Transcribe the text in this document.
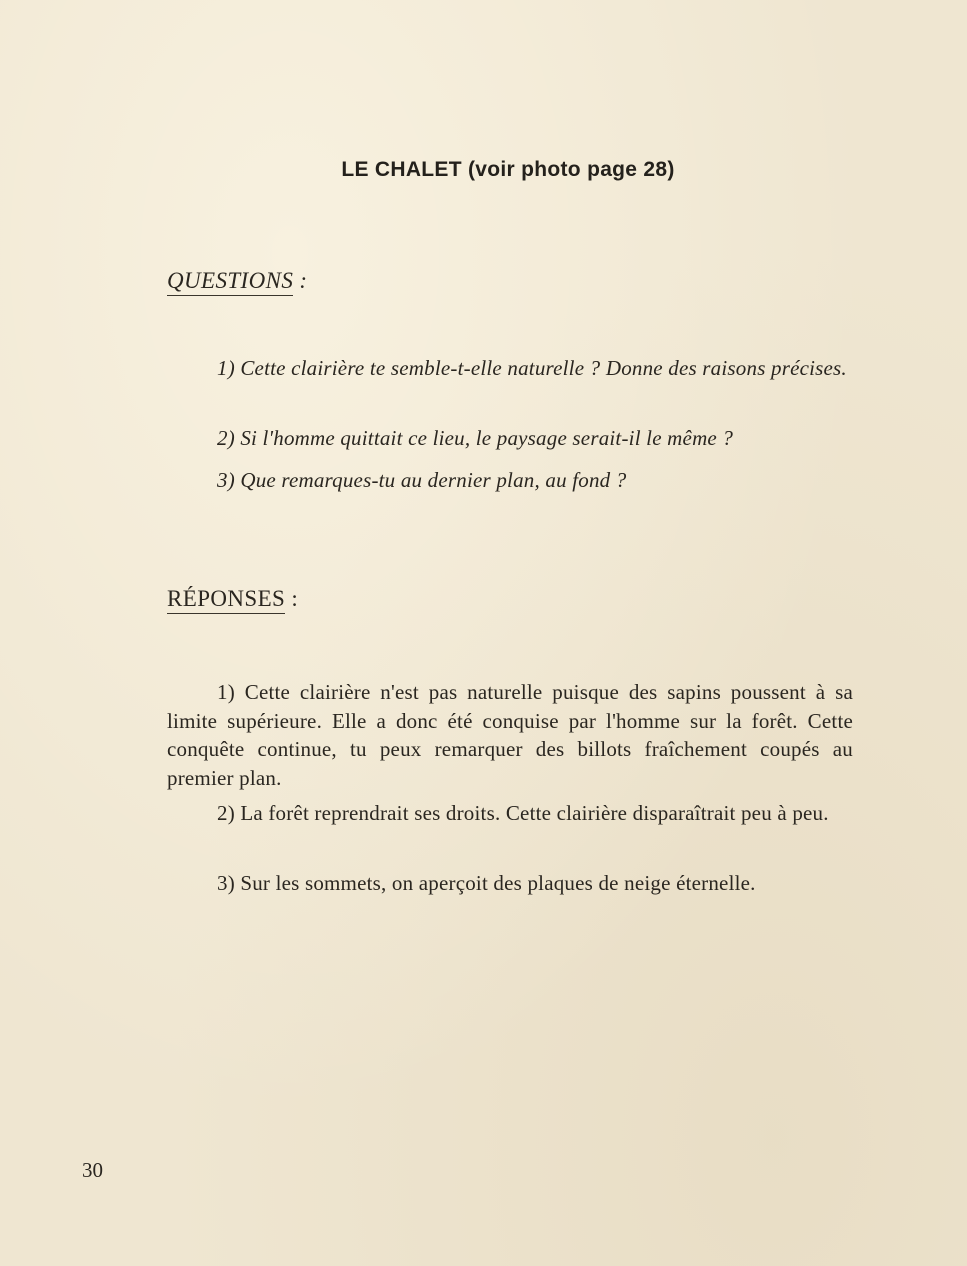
LE CHALET (voir photo page 28)
QUESTIONS :

1) Cette clairière te semble-t-elle naturelle ? Donne des raisons précises.

2) Si l'homme quittait ce lieu, le paysage serait-il le même ?

3) Que remarques-tu au dernier plan, au fond ?

RÉPONSES :

1) Cette clairière n'est pas naturelle puisque des sapins poussent à sa limite supérieure. Elle a donc été conquise par l'homme sur la forêt. Cette conquête continue, tu peux remarquer des billots fraîchement coupés au premier plan.

2) La forêt reprendrait ses droits. Cette clairière disparaîtrait peu à peu.

3) Sur les sommets, on aperçoit des plaques de neige éternelle.

30
